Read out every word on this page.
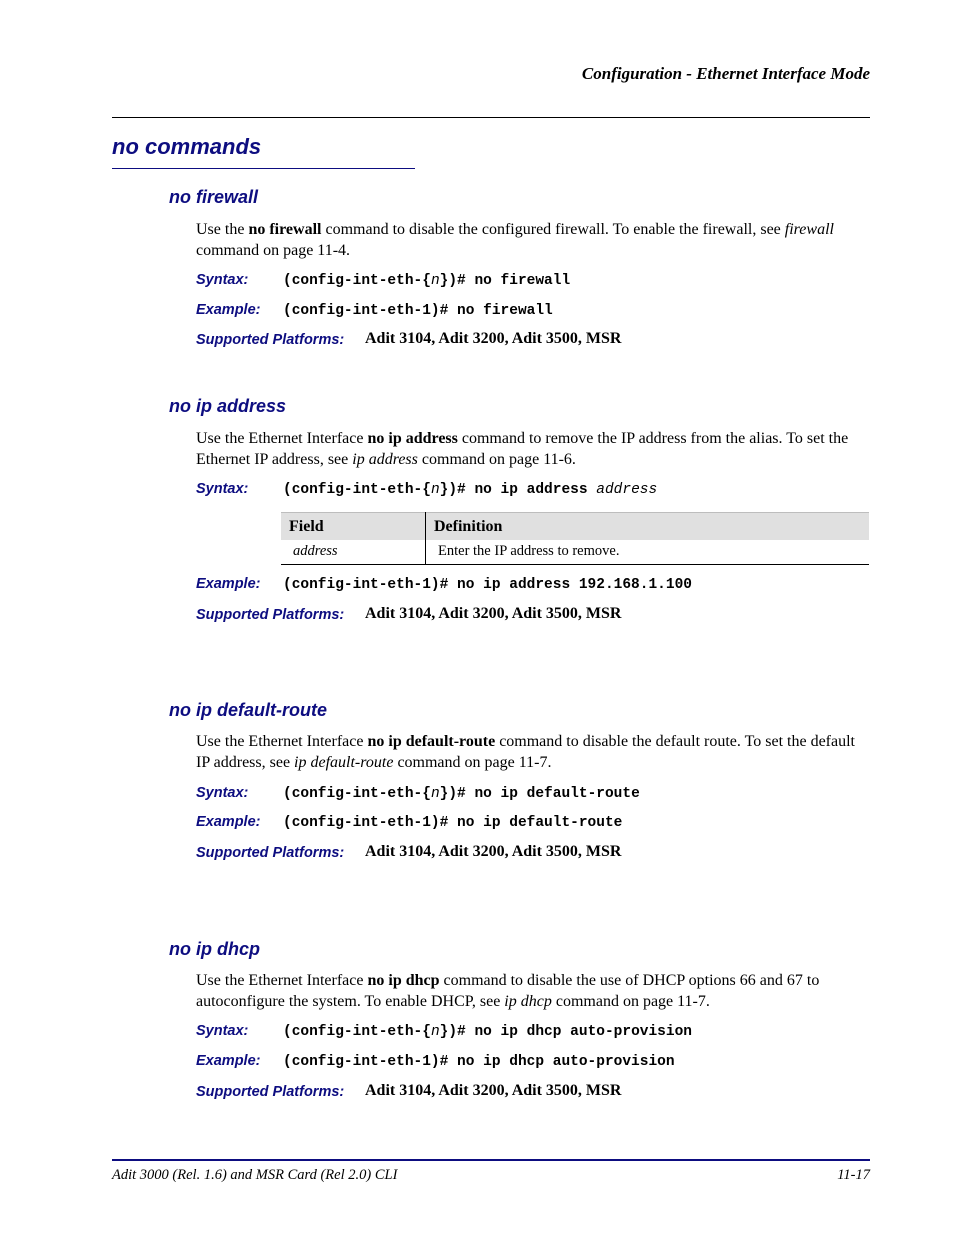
Configuration - Ethernet Interface Mode
no commands
no firewall
Use the no firewall command to disable the configured firewall. To enable the firewall, see firewall command on page 11-4.
Syntax: (config-int-eth-{n})# no firewall
Example: (config-int-eth-1)# no firewall
Supported Platforms: Adit 3104, Adit 3200, Adit 3500, MSR
no ip address
Use the Ethernet Interface no ip address command to remove the IP address from the alias. To set the Ethernet IP address, see ip address command on page 11-6.
Syntax: (config-int-eth-{n})# no ip address address
Field	Definition
address	Enter the IP address to remove.
Example: (config-int-eth-1)# no ip address 192.168.1.100
Supported Platforms: Adit 3104, Adit 3200, Adit 3500, MSR
no ip default-route
Use the Ethernet Interface no ip default-route command to disable the default route. To set the default IP address, see ip default-route command on page 11-7.
Syntax: (config-int-eth-{n})# no ip default-route
Example: (config-int-eth-1)# no ip default-route
Supported Platforms: Adit 3104, Adit 3200, Adit 3500, MSR
no ip dhcp
Use the Ethernet Interface no ip dhcp command to disable the use of DHCP options 66 and 67 to autoconfigure the system. To enable DHCP, see ip dhcp command on page 11-7.
Syntax: (config-int-eth-{n})# no ip dhcp auto-provision
Example: (config-int-eth-1)# no ip dhcp auto-provision
Supported Platforms: Adit 3104, Adit 3200, Adit 3500, MSR
Adit 3000 (Rel. 1.6) and MSR Card (Rel 2.0) CLI	11-17
